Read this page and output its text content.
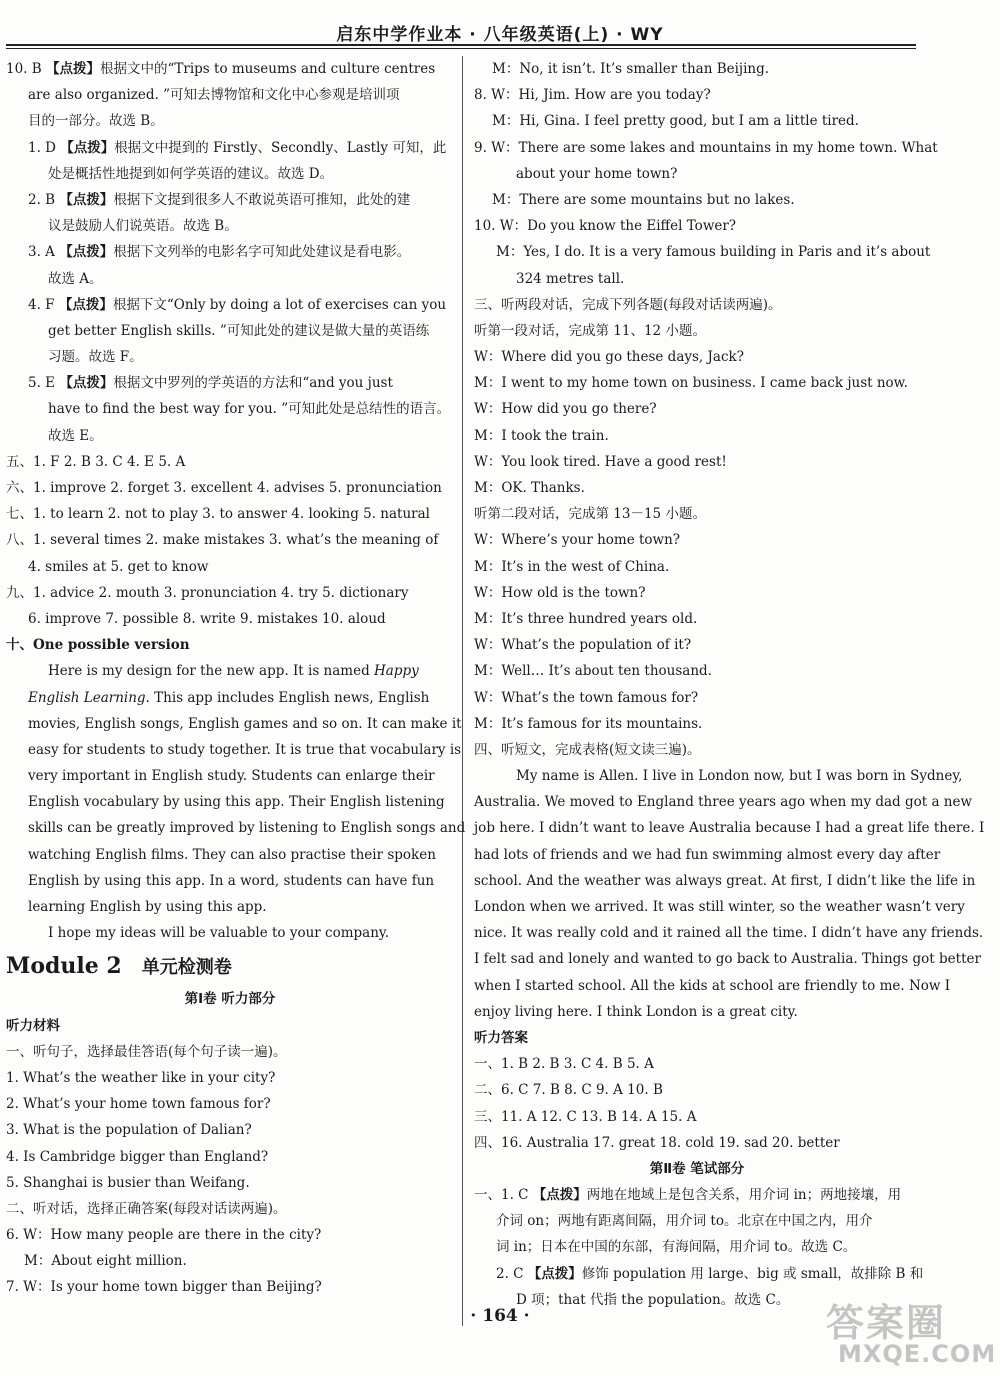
启东中学作业本 · 八年级英语(上) · WY
10. B 【点拨】根据文中的“Trips to museums and culture centres
are also organized. ”可知去博物馆和文化中心参观是培训项
目的一部分。故选 B。
1. D 【点拨】根据文中提到的 Firstly、Secondly、Lastly 可知，此
处是概括性地提到如何学英语的建议。故选 D。
2. B 【点拨】根据下文提到很多人不敢说英语可推知，此处的建
议是鼓励人们说英语。故选 B。
3. A 【点拨】根据下文列举的电影名字可知此处建议是看电影。
故选 A。
4. F 【点拨】根据下文“Only by doing a lot of exercises can you
get better English skills. ”可知此处的建议是做大量的英语练
习题。故选 F。
5. E 【点拨】根据文中罗列的学英语的方法和“and you just
have to find the best way for you. ”可知此处是总结性的语言。
故选 E。
五、1. F 2. B 3. C 4. E 5. A
六、1. improve 2. forget 3. excellent 4. advises 5. pronunciation
七、1. to learn 2. not to play 3. to answer 4. looking 5. natural
八、1. several times 2. make mistakes 3. what’s the meaning of
4. smiles at 5. get to know
九、1. advice 2. mouth 3. pronunciation 4. try 5. dictionary
6. improve 7. possible 8. write 9. mistakes 10. aloud
十、One possible version
Here is my design for the new app. It is named Happy
English Learning. This app includes English news, English
movies, English songs, English games and so on. It can make it
easy for students to study together. It is true that vocabulary is
very important in English study. Students can enlarge their
English vocabulary by using this app. Their English listening
skills can be greatly improved by listening to English songs and
watching English films. They can also practise their spoken
English by using this app. In a word, students can have fun
learning English by using this app.
I hope my ideas will be valuable to your company.
Module 2 单元检测卷
第Ⅰ卷 听力部分
听力材料
一、听句子，选择最佳答语(每个句子读一遍)。
1. What’s the weather like in your city?
2. What’s your home town famous for?
3. What is the population of Dalian?
4. Is Cambridge bigger than England?
5. Shanghai is busier than Weifang.
二、听对话，选择正确答案(每段对话读两遍)。
6. W：How many people are there in the city?
M：About eight million.
7. W：Is your home town bigger than Beijing?
M：No, it isn’t. It’s smaller than Beijing.
8. W：Hi, Jim. How are you today?
M：Hi, Gina. I feel pretty good, but I am a little tired.
9. W：There are some lakes and mountains in my home town. What
about your home town?
M：There are some mountains but no lakes.
10. W：Do you know the Eiffel Tower?
M：Yes, I do. It is a very famous building in Paris and it’s about
324 metres tall.
三、听两段对话，完成下列各题(每段对话读两遍)。
听第一段对话，完成第 11、12 小题。
W：Where did you go these days, Jack?
M：I went to my home town on business. I came back just now.
W：How did you go there?
M：I took the train.
W：You look tired. Have a good rest!
M：OK. Thanks.
听第二段对话，完成第 13－15 小题。
W：Where’s your home town?
M：It’s in the west of China.
W：How old is the town?
M：It’s three hundred years old.
W：What’s the population of it?
M：Well… It’s about ten thousand.
W：What’s the town famous for?
M：It’s famous for its mountains.
四、听短文，完成表格(短文读三遍)。
My name is Allen. I live in London now, but I was born in Sydney,
Australia. We moved to England three years ago when my dad got a new
job here. I didn’t want to leave Australia because I had a great life there. I
had lots of friends and we had fun swimming almost every day after
school. And the weather was always great. At first, I didn’t like the life in
London when we arrived. It was still winter, so the weather wasn’t very
nice. It was really cold and it rained all the time. I didn’t have any friends.
I felt sad and lonely and wanted to go back to Australia. Things got better
when I started school. All the kids at school are friendly to me. Now I
enjoy living here. I think London is a great city.
听力答案
一、1. B 2. B 3. C 4. B 5. A
二、6. C 7. B 8. C 9. A 10. B
三、11. A 12. C 13. B 14. A 15. A
四、16. Australia 17. great 18. cold 19. sad 20. better
第Ⅱ卷 笔试部分
一、1. C 【点拨】两地在地域上是包含关系，用介词 in；两地接壤，用
介词 on；两地有距离间隔，用介词 to。北京在中国之内，用介
词 in；日本在中国的东部，有海间隔，用介词 to。故选 C。
2. C 【点拨】修饰 population 用 large、big 或 small，故排除 B 和
D 项；that 代指 the population。故选 C。
· 164 ·	答案圈
MXQE.COM
